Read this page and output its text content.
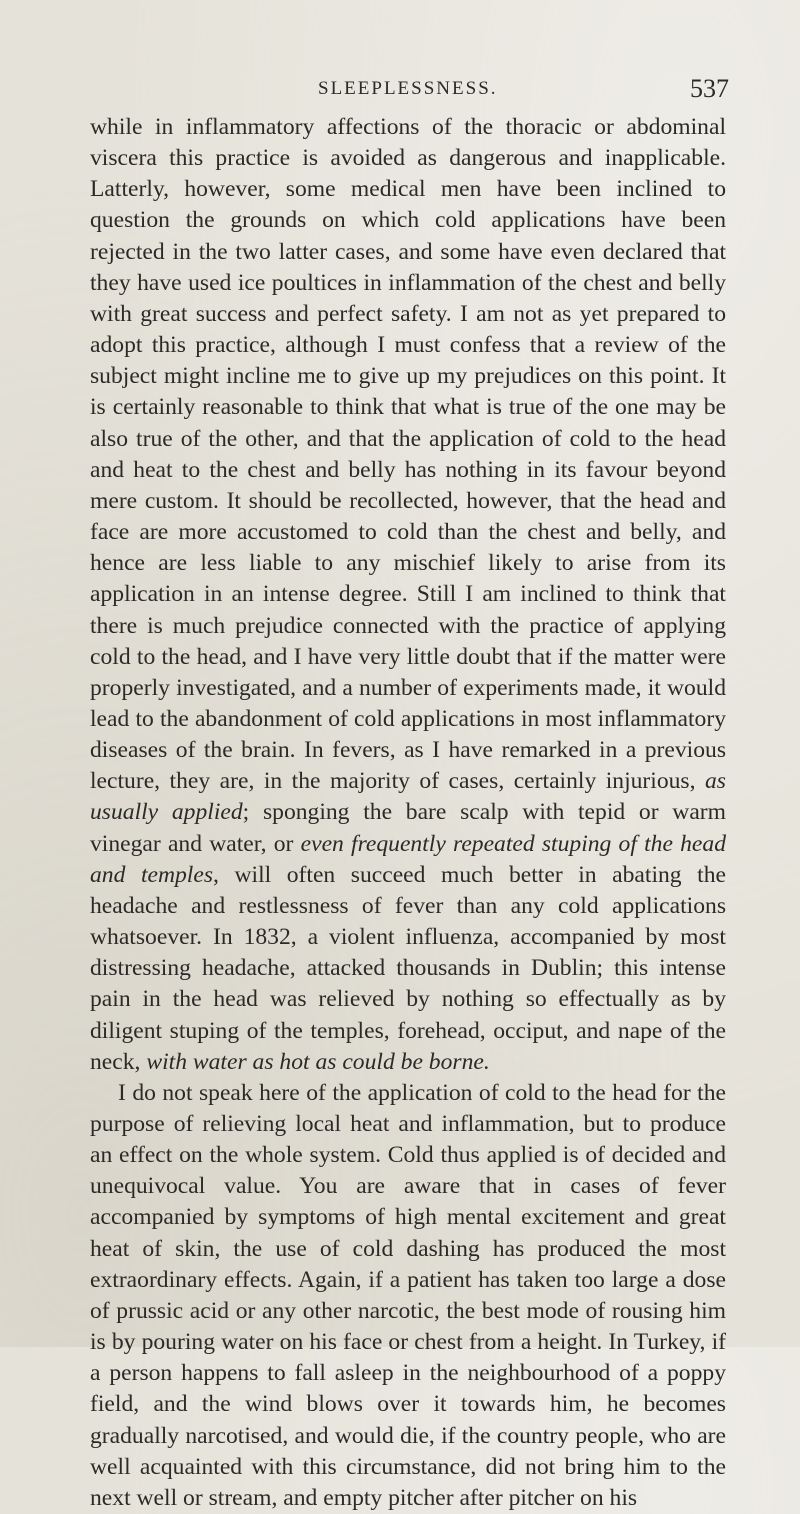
SLEEPLESSNESS.	537

while in inflammatory affections of the thoracic or abdominal viscera this practice is avoided as dangerous and inapplicable. Latterly, however, some medical men have been inclined to question the grounds on which cold applications have been rejected in the two latter cases, and some have even declared that they have used ice poultices in inflammation of the chest and belly with great success and perfect safety. I am not as yet prepared to adopt this practice, although I must confess that a review of the subject might incline me to give up my prejudices on this point. It is certainly reasonable to think that what is true of the one may be also true of the other, and that the application of cold to the head and heat to the chest and belly has nothing in its favour beyond mere custom. It should be recollected, however, that the head and face are more accustomed to cold than the chest and belly, and hence are less liable to any mischief likely to arise from its application in an intense degree. Still I am inclined to think that there is much prejudice connected with the practice of applying cold to the head, and I have very little doubt that if the matter were properly investigated, and a number of experiments made, it would lead to the abandonment of cold applications in most inflammatory diseases of the brain. In fevers, as I have remarked in a previous lecture, they are, in the majority of cases, certainly injurious, as usually applied; sponging the bare scalp with tepid or warm vinegar and water, or even frequently repeated stuping of the head and temples, will often succeed much better in abating the headache and restlessness of fever than any cold applications whatsoever. In 1832, a violent influenza, accompanied by most distressing headache, attacked thousands in Dublin; this intense pain in the head was relieved by nothing so effectually as by diligent stuping of the temples, forehead, occiput, and nape of the neck, with water as hot as could be borne.

I do not speak here of the application of cold to the head for the purpose of relieving local heat and inflammation, but to produce an effect on the whole system. Cold thus applied is of decided and unequivocal value. You are aware that in cases of fever accompanied by symptoms of high mental excitement and great heat of skin, the use of cold dashing has produced the most extraordinary effects. Again, if a patient has taken too large a dose of prussic acid or any other narcotic, the best mode of rousing him is by pouring water on his face or chest from a height. In Turkey, if a person happens to fall asleep in the neighbourhood of a poppy field, and the wind blows over it towards him, he becomes gradually narcotised, and would die, if the country people, who are well acquainted with this circumstance, did not bring him to the next well or stream, and empty pitcher after pitcher on his
